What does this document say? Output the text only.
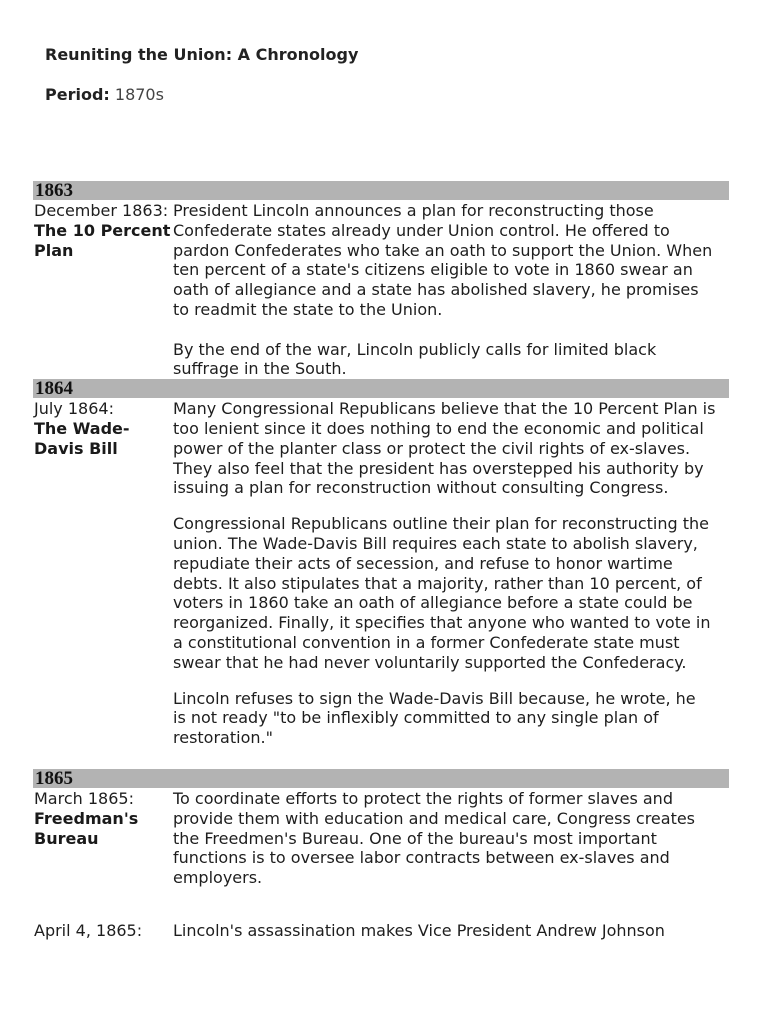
Reuniting the Union: A Chronology
Period: 1870s
1863
December 1863:
The 10 Percent Plan
President Lincoln announces a plan for reconstructing those
Confederate states already under Union control. He offered to
pardon Confederates who take an oath to support the Union. When
ten percent of a state's citizens eligible to vote in 1860 swear an
oath of allegiance and a state has abolished slavery, he promises
to readmit the state to the Union.
By the end of the war, Lincoln publicly calls for limited black
suffrage in the South.
1864
July 1864:
The Wade-Davis Bill
Many Congressional Republicans believe that the 10 Percent Plan is
too lenient since it does nothing to end the economic and political
power of the planter class or protect the civil rights of ex-slaves.
They also feel that the president has overstepped his authority by
issuing a plan for reconstruction without consulting Congress.
Congressional Republicans outline their plan for reconstructing the
union. The Wade-Davis Bill requires each state to abolish slavery,
repudiate their acts of secession, and refuse to honor wartime
debts. It also stipulates that a majority, rather than 10 percent, of
voters in 1860 take an oath of allegiance before a state could be
reorganized. Finally, it specifies that anyone who wanted to vote in
a constitutional convention in a former Confederate state must
swear that he had never voluntarily supported the Confederacy.
Lincoln refuses to sign the Wade-Davis Bill because, he wrote, he
is not ready "to be inflexibly committed to any single plan of
restoration."
1865
March 1865:
Freedman's Bureau
To coordinate efforts to protect the rights of former slaves and
provide them with education and medical care, Congress creates
the Freedmen's Bureau. One of the bureau's most important
functions is to oversee labor contracts between ex-slaves and
employers.
April 4, 1865:	Lincoln's assassination makes Vice President Andrew Johnson
